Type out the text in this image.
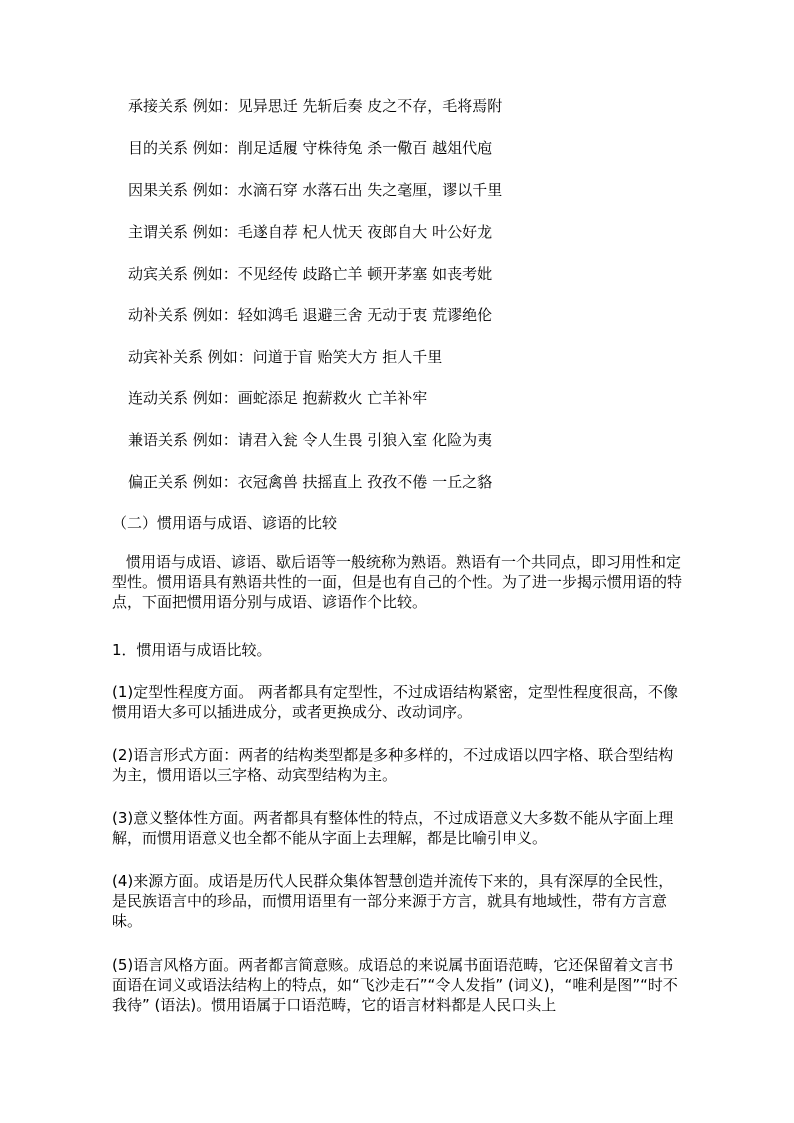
承接关系 例如：见异思迁 先斩后奏 皮之不存，毛将焉附
目的关系 例如：削足适履 守株待兔 杀一儆百 越俎代庖
因果关系 例如：水滴石穿 水落石出 失之毫厘，谬以千里
主谓关系 例如：毛遂自荐 杞人忧天 夜郎自大 叶公好龙
动宾关系 例如：不见经传 歧路亡羊 顿开茅塞 如丧考妣
动补关系 例如：轻如鸿毛 退避三舍 无动于衷 荒谬绝伦
动宾补关系 例如：问道于盲 贻笑大方 拒人千里
连动关系 例如：画蛇添足 抱薪救火 亡羊补牢
兼语关系 例如：请君入瓮 令人生畏 引狼入室 化险为夷
偏正关系 例如：衣冠禽兽 扶摇直上 孜孜不倦 一丘之貉
（二）惯用语与成语、谚语的比较
惯用语与成语、谚语、歇后语等一般统称为熟语。熟语有一个共同点，即习用性和定型性。惯用语具有熟语共性的一面，但是也有自己的个性。为了进一步揭示惯用语的特点，下面把惯用语分别与成语、谚语作个比较。
1．惯用语与成语比较。
(1)定型性程度方面。 两者都具有定型性，不过成语结构紧密，定型性程度很高，不像惯用语大多可以插进成分，或者更换成分、改动词序。
(2)语言形式方面：两者的结构类型都是多种多样的，不过成语以四字格、联合型结构为主，惯用语以三字格、动宾型结构为主。
(3)意义整体性方面。两者都具有整体性的特点，不过成语意义大多数不能从字面上理解，而惯用语意义也全都不能从字面上去理解，都是比喻引申义。
(4)来源方面。成语是历代人民群众集体智慧创造并流传下来的，具有深厚的全民性，是民族语言中的珍品，而惯用语里有一部分来源于方言，就具有地域性，带有方言意味。
(5)语言风格方面。两者都言简意赅。成语总的来说属书面语范畴，它还保留着文言书面语在词义或语法结构上的特点，如“飞沙走石”“令人发指” (词义)，“唯利是图”“时不我待” (语法)。惯用语属于口语范畴，它的语言材料都是人民口头上
